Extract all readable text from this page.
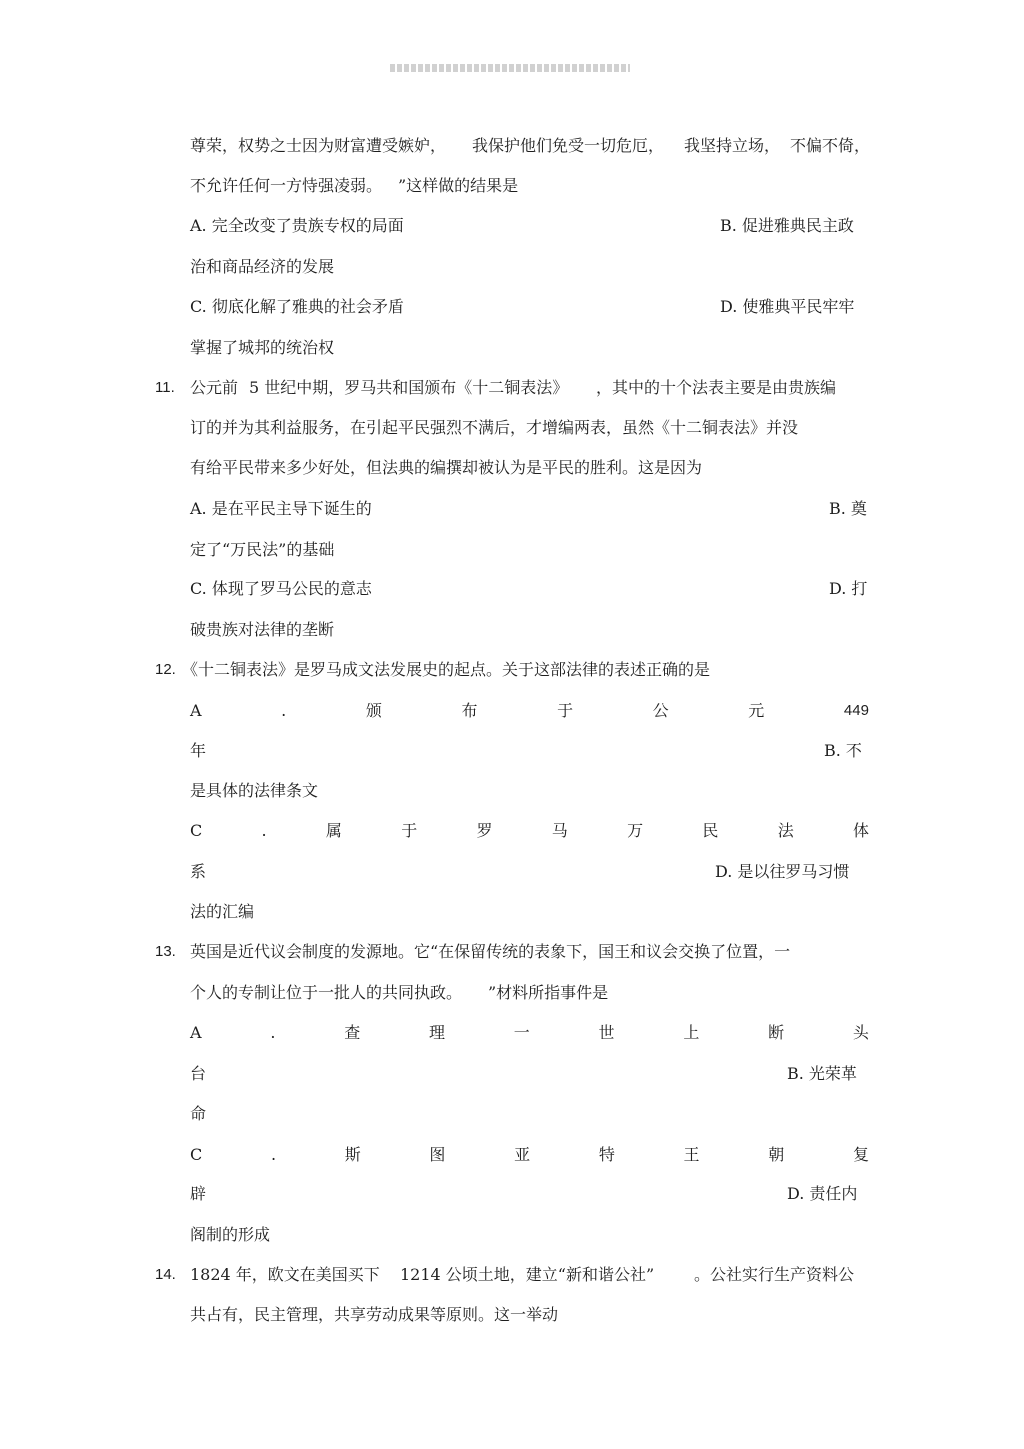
尊荣，权势之士因为财富遭受嫉妒， 我保护他们免受一切危厄， 我坚持立场， 不偏不倚，
不允许任何一方恃强凌弱。 ”这样做的结果是
A. 完全改变了贵族专权的局面	B. 促进雅典民主政
治和商品经济的发展
C. 彻底化解了雅典的社会矛盾	D. 使雅典平民牢牢
掌握了城邦的统治权
11. 公元前 5 世纪中期，罗马共和国颁布《十二铜表法》 ，其中的十个法表主要是由贵族编
订的并为其利益服务，在引起平民强烈不满后，才增编两表，虽然《十二铜表法》并没
有给平民带来多少好处，但法典的编撰却被认为是平民的胜利。这是因为
A. 是在平民主导下诞生的	B. 奠
定了“万民法”的基础
C. 体现了罗马公民的意志	D. 打
破贵族对法律的垄断
12. 《十二铜表法》是罗马成文法发展史的起点。关于这部法律的表述正确的是
A	.	颁	布	于	公	元	449
年	B. 不
是具体的法律条文
C	.	属	于	罗	马	万	民	法	体
系	D. 是以往罗马习惯
法的汇编
13. 英国是近代议会制度的发源地。它“在保留传统的表象下，国王和议会交换了位置，一
个人的专制让位于一批人的共同执政。 ”材料所指事件是
A	.	查	理	一	世	上	断	头
台	B. 光荣革
命
C	.	斯	图	亚	特	王	朝	复
辟	D. 责任内
阁制的形成
14. 1824 年，欧文在美国买下 1214 公顷土地，建立“新和谐公社” 。公社实行生产资料公
共占有，民主管理，共享劳动成果等原则。这一举动
